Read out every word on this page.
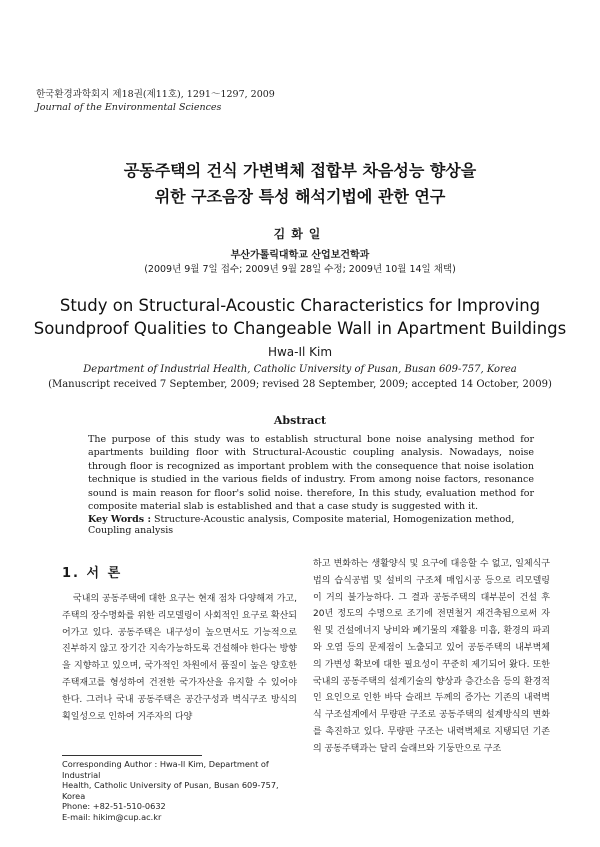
한국환경과학회지 제18권(제11호), 1291～1297, 2009
Journal of the Environmental Sciences
공동주택의 건식 가변벽체 접합부 차음성능 향상을
위한 구조음장 특성 해석기법에 관한 연구
김화일
부산가톨릭대학교 산업보건학과
(2009년 9월 7일 접수; 2009년 9월 28일 수정; 2009년 10월 14일 채택)
Study on Structural-Acoustic Characteristics for Improving
Soundproof Qualities to Changeable Wall in Apartment Buildings
Hwa-Il Kim
Department of Industrial Health, Catholic University of Pusan, Busan 609-757, Korea
(Manuscript received 7 September, 2009; revised 28 September, 2009; accepted 14 October, 2009)
Abstract
The purpose of this study was to establish structural bone noise analysing method for apartments building floor with Structural-Acoustic coupling analysis. Nowadays, noise through floor is recognized as important problem with the consequence that noise isolation technique is studied in the various fields of industry. From among noise factors, resonance sound is main reason for floor's solid noise. therefore, In this study, evaluation method for composite material slab is established and that a case study is suggested with it.
Key Words : Structure-Acoustic analysis, Composite material, Homogenization method, Coupling analysis
1. 서 론

국내의 공동주택에 대한 요구는 현재 점차 다양해져 가고, 주택의 장수명화를 위한 리모델링이 사회적인 요구로 확산되어가고 있다. 공동주택은 내구성이 높으면서도 기능적으로 진부하지 않고 장기간 지속가능하도록 건설해야 한다는 방향을 지향하고 있으며, 국가적인 차원에서 품질이 높은 양호한 주택재고를 형성하여 건전한 국가자산을 유지할 수 있어야 한다. 그러나 국내 공동주택은 공간구성과 벽식구조 방식의 획일성으로 인하여 거주자의 다양

하고 변화하는 생활양식 및 요구에 대응할 수 없고, 일체식구법의 습식공법 및 설비의 구조체 매입시공 등으로 리모델링이 거의 불가능하다. 그 결과 공동주택의 대부분이 건설 후 20년 정도의 수명으로 조기에 전면철거 재건축됨으로써 자원 및 건설에너지 낭비와 폐기물의 재활용 미흡, 환경의 파괴와 오염 등의 문제점이 노출되고 있어 공동주택의 내부벽체의 가변성 확보에 대한 필요성이 꾸준히 제기되어 왔다. 또한 국내의 공동주택의 설계기술의 향상과 층간소음 등의 환경적인 요인으로 인한 바닥 슬래브 두께의 증가는 기존의 내력벽식 구조설계에서 무량판 구조로 공동주택의 설계방식의 변화를 촉진하고 있다. 무량판 구조는 내력벽체로 지탱되던 기존의 공동주택과는 달리 슬래브와 기둥만으로 구조

Corresponding Author : Hwa-Il Kim, Department of Industrial
Health, Catholic University of Pusan, Busan 609-757, Korea
Phone: +82-51-510-0632
E-mail: hikim@cup.ac.kr
